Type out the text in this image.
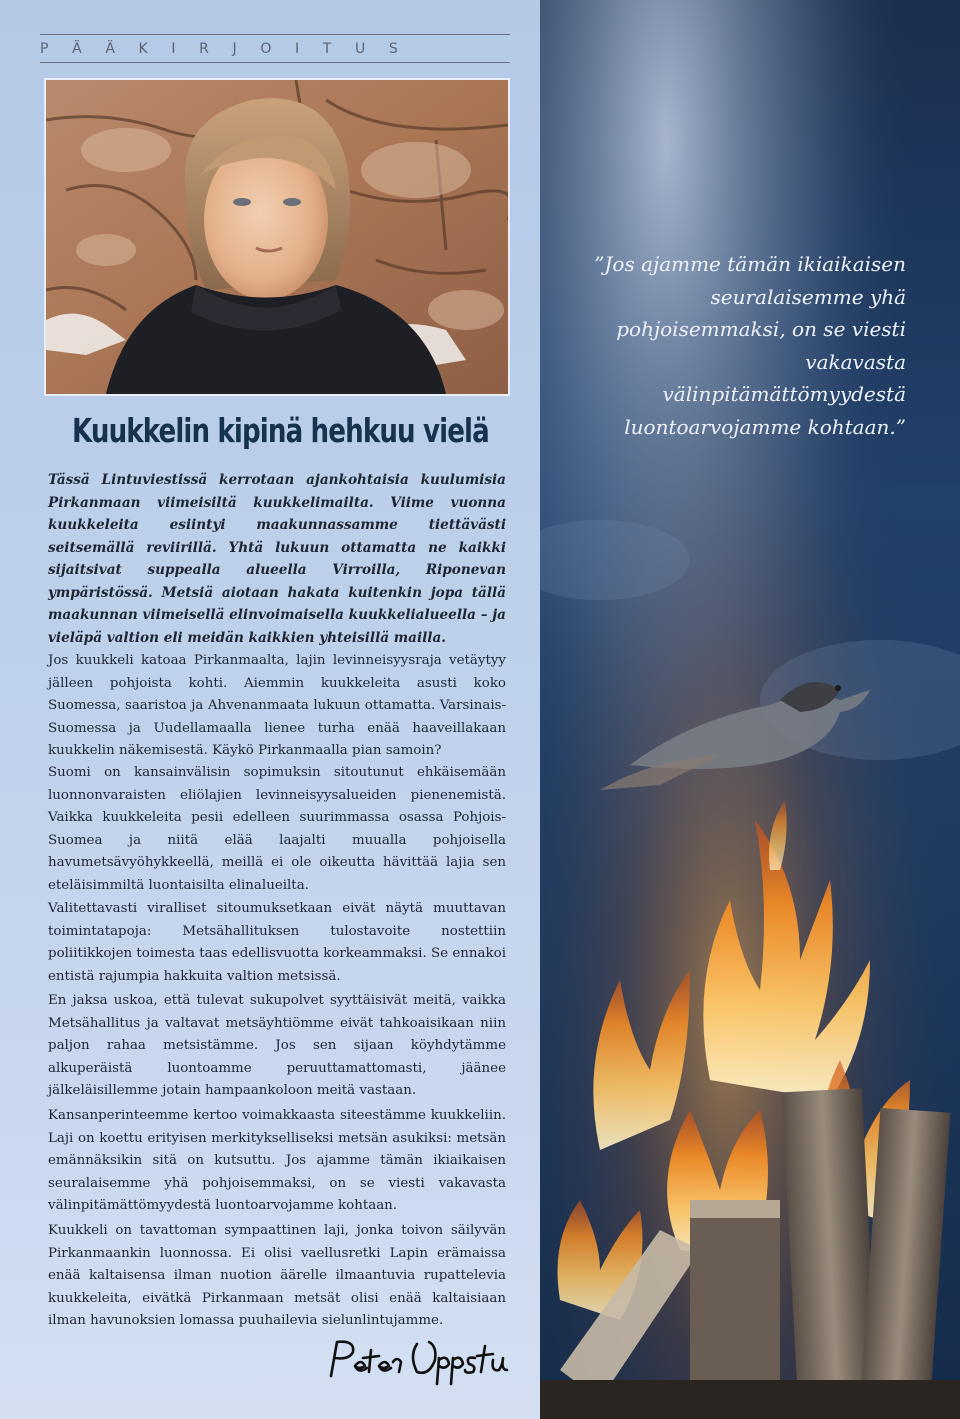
P Ä Ä K I R J O I T U S
Kuukkelin kipinä hehkuu vielä

Tässä Lintuviestissä kerrotaan ajankohtaisia kuulumisia Pirkanmaan viimeisiltä kuukkelimailta. Viime vuonna kuukkeleita esiintyi maakunnassamme tiettävästi seitsemällä reviirillä. Yhtä lukuun ottamatta ne kaikki sijaitsivat suppealla alueella Virroilla, Riponevan ympäristössä. Metsiä aiotaan hakata kuitenkin jopa tällä maakunnan viimeisellä elinvoimaisella kuukkelialueella – ja vieläpä valtion eli meidän kaikkien yhteisillä mailla.

Jos kuukkeli katoaa Pirkanmaalta, lajin levinneisyysraja vetäytyy jälleen pohjoista kohti. Aiemmin kuukkeleita asusti koko Suomessa, saaristoa ja Ahvenanmaata lukuun ottamatta. Varsinais-Suomessa ja Uudellamaalla lienee turha enää haaveillakaan kuukkelin näkemisestä. Käykö Pirkanmaalla pian samoin?

Suomi on kansainvälisin sopimuksin sitoutunut ehkäisemään luonnonvaraisten eliölajien levinneisyysalueiden pienenemistä. Vaikka kuukkeleita pesii edelleen suurimmassa osassa Pohjois-Suomea ja niitä elää laajalti muualla pohjoisella havumetsävyöhykkeellä, meillä ei ole oikeutta hävittää lajia sen eteläisimmiltä luontaisilta elinalueilta.

Valitettavasti viralliset sitoumuksetkaan eivät näytä muuttavan toimintatapoja: Metsähallituksen tulostavoite nostettiin poliitikkojen toimesta taas edellisvuotta korkeammaksi. Se ennakoi entistä rajumpia hakkuita valtion metsissä.

En jaksa uskoa, että tulevat sukupolvet syyttäisivät meitä, vaikka Metsähallitus ja valtavat metsäyhtiömme eivät tahkoaisikaan niin paljon rahaa metsistämme. Jos sen sijaan köyhdytämme alkuperäistä luontoamme peruuttamattomasti, jäänee jälkeläisillemme jotain hampaankoloon meitä vastaan.

Kansanperinteemme kertoo voimakkaasta siteestämme kuukkeliin. Laji on koettu erityisen merkitykselliseksi metsän asukiksi: metsän emännäksikin sitä on kutsuttu. Jos ajamme tämän ikiaikaisen seuralaisemme yhä pohjoisemmaksi, on se viesti vakavasta välinpitämättömyydestä luontoarvojamme kohtaan.

Kuukkeli on tavattoman sympaattinen laji, jonka toivon säilyvän Pirkanmaankin luonnossa. Ei olisi vaellusretki Lapin erämaissa enää kaltaisensa ilman nuotion äärelle ilmaantuvia rupattelevia kuukkeleita, eivätkä Pirkanmaan metsät olisi enää kaltaisiaan ilman havunoksien lomassa puuhailevia sielunlintujamme.

”Jos ajamme tämän ikiaikaisen seuralaisemme yhä pohjoisemmaksi, on se viesti vakavasta välinpitämättömyydestä luontoarvojamme kohtaan.”
